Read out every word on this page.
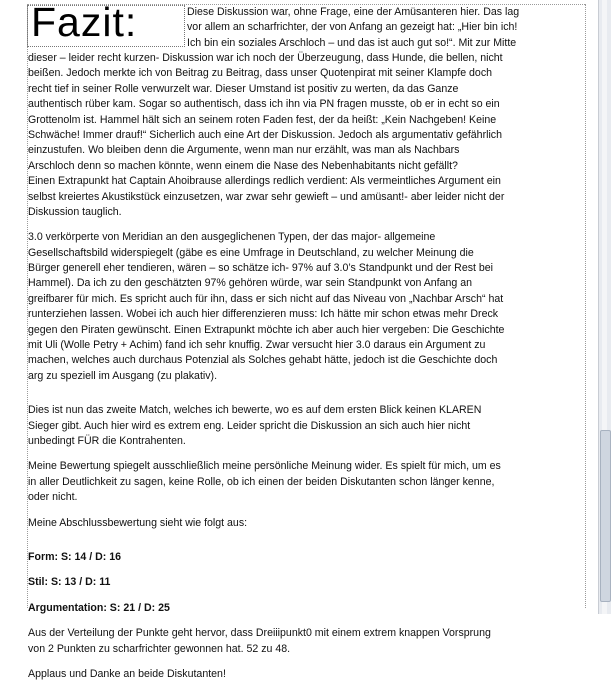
Fazit:	Diese Diskussion war, ohne Frage, eine der Amüsanteren hier. Das lag
vor allem an scharfrichter, der von Anfang an gezeigt hat: „Hier bin ich!
Ich bin ein soziales Arschloch – und das ist auch gut so!“. Mit zur Mitte
dieser – leider recht kurzen- Diskussion war ich noch der Überzeugung, dass Hunde, die bellen, nicht
beißen. Jedoch merkte ich von Beitrag zu Beitrag, dass unser Quotenpirat mit seiner Klampfe doch
recht tief in seiner Rolle verwurzelt war. Dieser Umstand ist positiv zu werten, da das Ganze
authentisch rüber kam. Sogar so authentisch, dass ich ihn via PN fragen musste, ob er in echt so ein
Grottenolm ist. Hammel hält sich an seinem roten Faden fest, der da heißt: „Kein Nachgeben! Keine
Schwäche! Immer drauf!“ Sicherlich auch eine Art der Diskussion. Jedoch als argumentativ gefährlich
einzustufen. Wo bleiben denn die Argumente, wenn man nur erzählt, was man als Nachbars
Arschloch denn so machen könnte, wenn einem die Nase des Nebenhabitants nicht gefällt?
Einen Extrapunkt hat Captain Ahoibrause allerdings redlich verdient: Als vermeintliches Argument ein
selbst kreiertes Akustikstück einzusetzen, war zwar sehr gewieft – und amüsant!- aber leider nicht der
Diskussion tauglich.
3.0 verkörperte von Meridian an den ausgeglichenen Typen, der das major- allgemeine
Gesellschaftsbild widerspiegelt (gäbe es eine Umfrage in Deutschland, zu welcher Meinung die
Bürger generell eher tendieren, wären – so schätze ich- 97% auf 3.0’s Standpunkt und der Rest bei
Hammel). Da ich zu den geschätzten 97% gehören würde, war sein Standpunkt von Anfang an
greifbarer für mich. Es spricht auch für ihn, dass er sich nicht auf das Niveau von „Nachbar Arsch“ hat
runterziehen lassen. Wobei ich auch hier differenzieren muss: Ich hätte mir schon etwas mehr Dreck
gegen den Piraten gewünscht. Einen Extrapunkt möchte ich aber auch hier vergeben: Die Geschichte
mit Uli (Wolle Petry + Achim) fand ich sehr knuffig. Zwar versucht hier 3.0 daraus ein Argument zu
machen, welches auch durchaus Potenzial als Solches gehabt hätte, jedoch ist die Geschichte doch
arg zu speziell im Ausgang (zu plakativ).
Dies ist nun das zweite Match, welches ich bewerte, wo es auf dem ersten Blick keinen KLAREN
Sieger gibt. Auch hier wird es extrem eng. Leider spricht die Diskussion an sich auch hier nicht
unbedingt FÜR die Kontrahenten.
Meine Bewertung spiegelt ausschließlich meine persönliche Meinung wider. Es spielt für mich, um es
in aller Deutlichkeit zu sagen, keine Rolle, ob ich einen der beiden Diskutanten schon länger kenne,
oder nicht.
Meine Abschlussbewertung sieht wie folgt aus:
Form: S: 14 / D: 16
Stil: S: 13 / D: 11
Argumentation: S: 21 / D: 25
Aus der Verteilung der Punkte geht hervor, dass Dreiiipunkt0 mit einem extrem knappen Vorsprung
von 2 Punkten zu scharfrichter gewonnen hat. 52 zu 48.
Applaus und Danke an beide Diskutanten!
